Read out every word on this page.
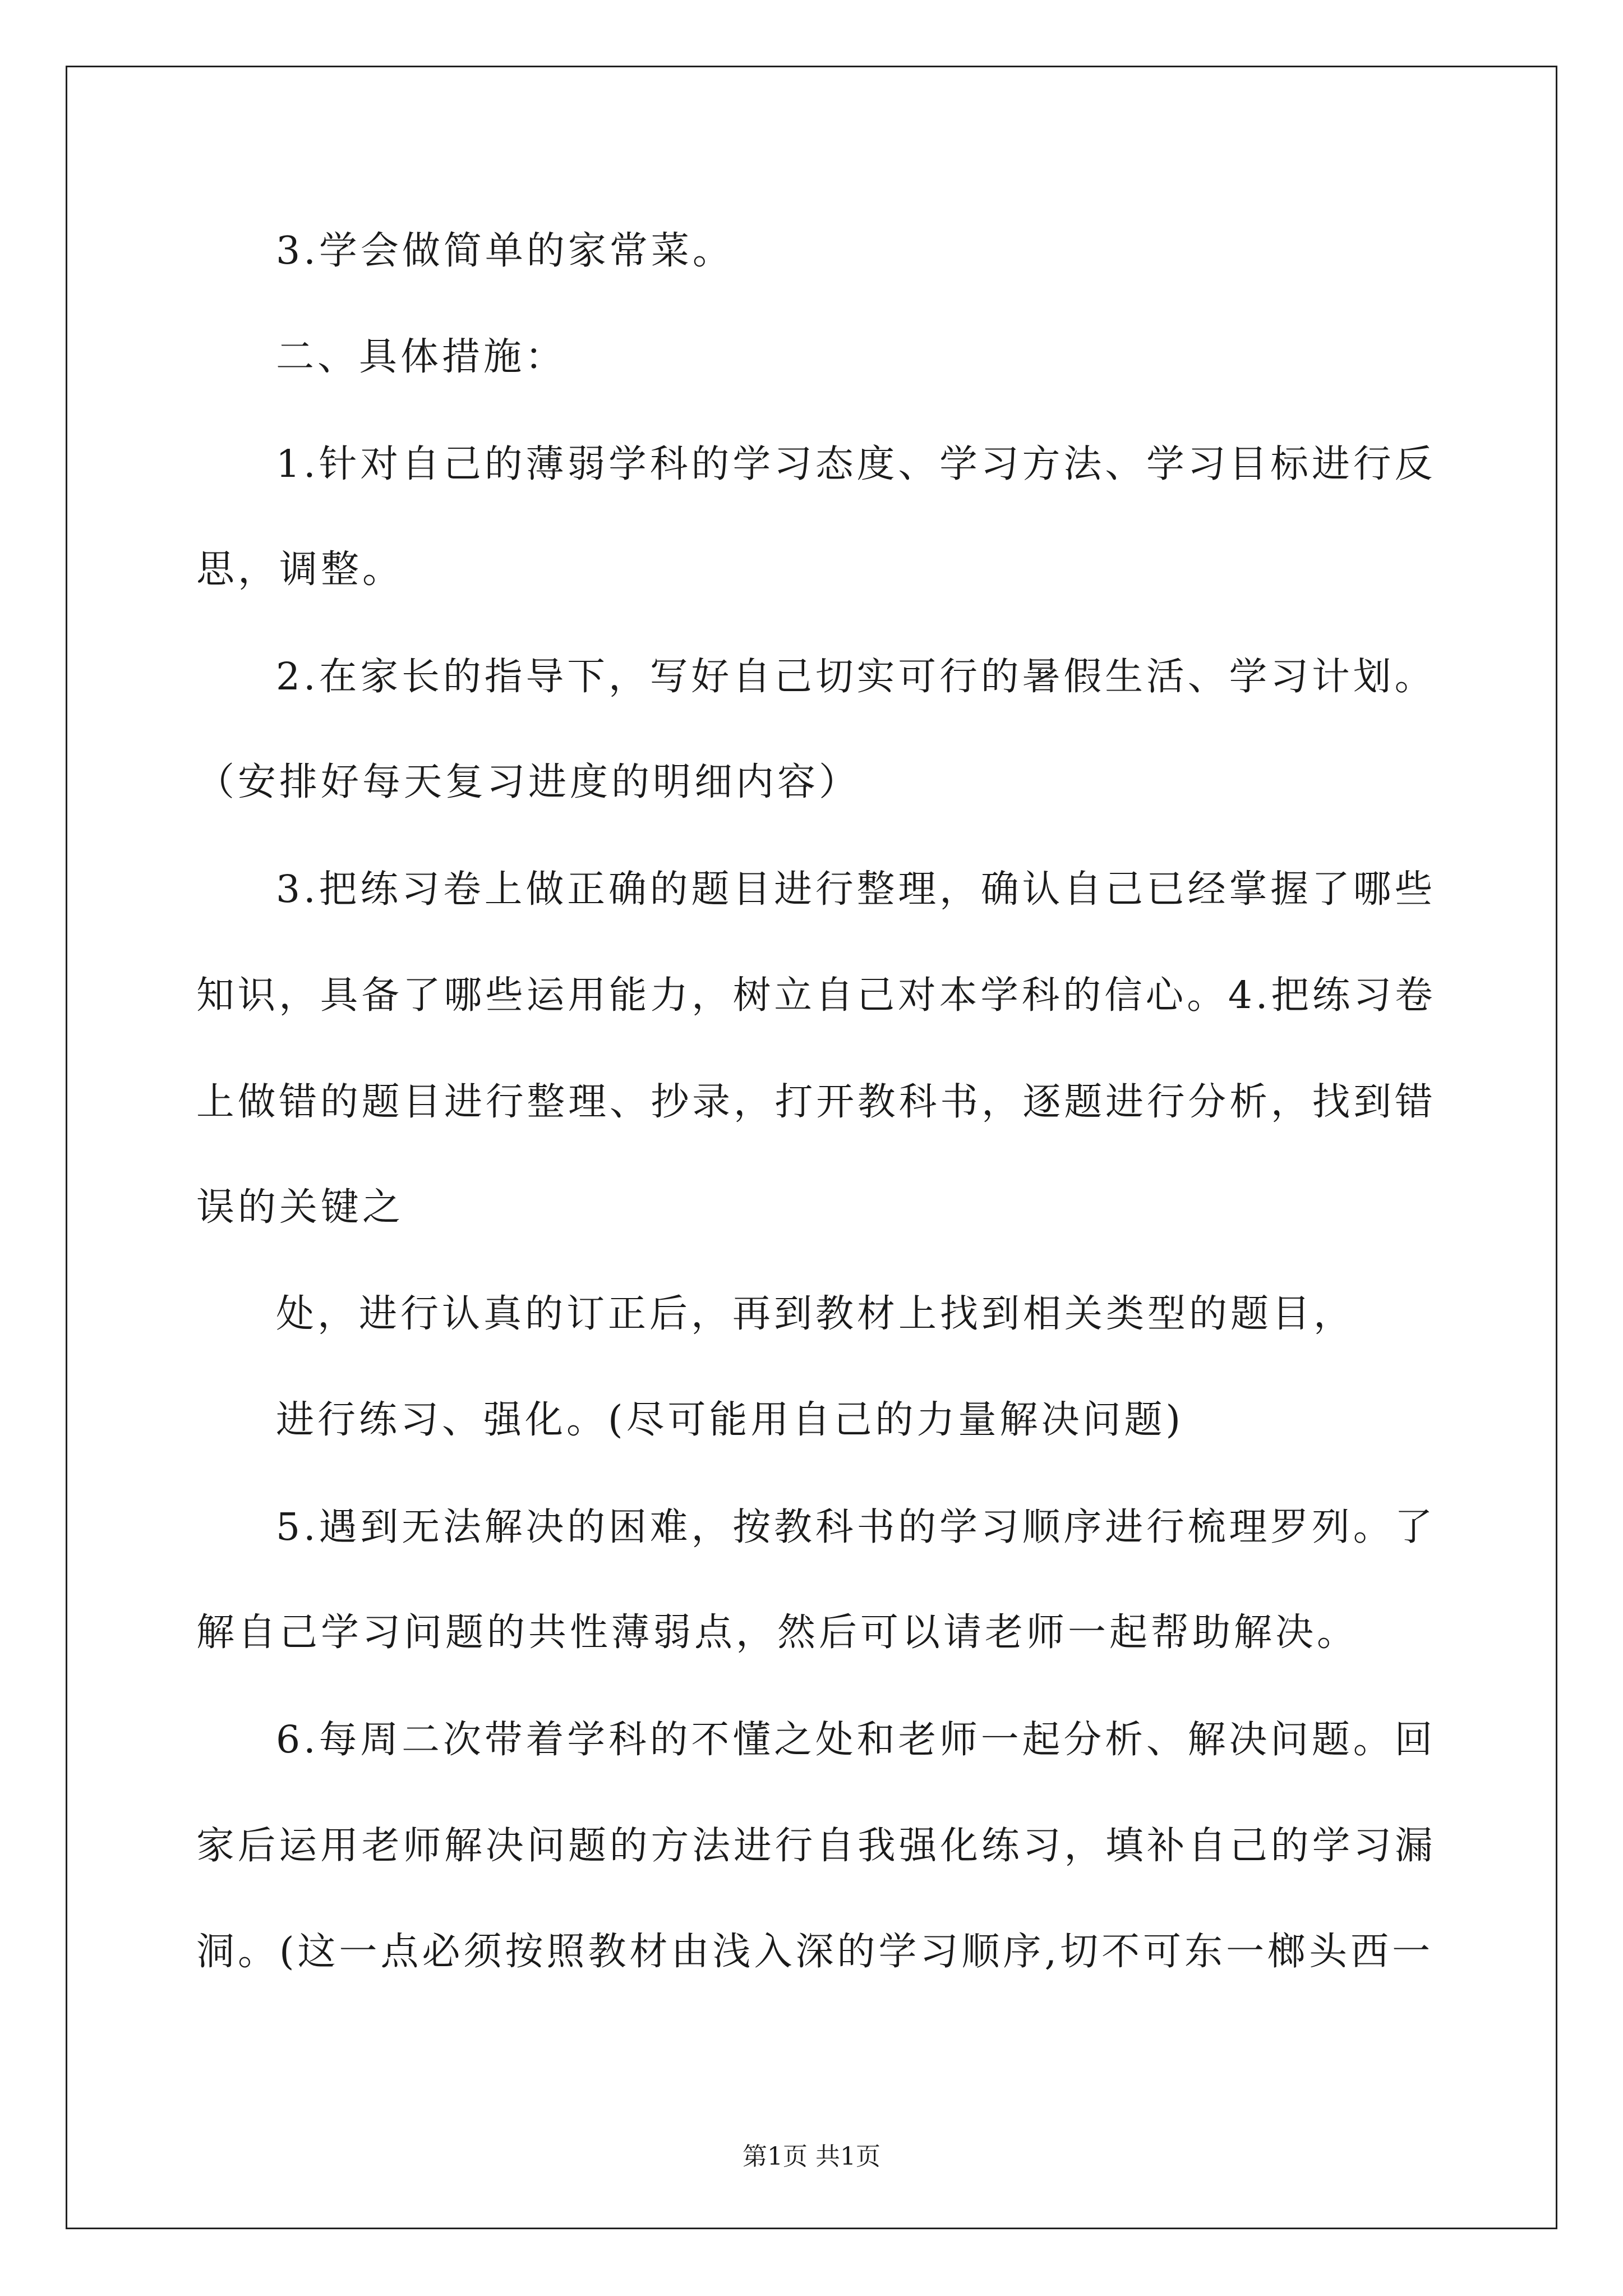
3.学会做简单的家常菜。

二、具体措施：

1.针对自己的薄弱学科的学习态度、学习方法、学习目标进行反

思，调整。

2.在家长的指导下，写好自己切实可行的暑假生活、学习计划。

（安排好每天复习进度的明细内容）

3.把练习卷上做正确的题目进行整理，确认自己已经掌握了哪些

知识，具备了哪些运用能力，树立自己对本学科的信心。4.把练习卷

上做错的题目进行整理、抄录，打开教科书，逐题进行分析，找到错

误的关键之

处，进行认真的订正后，再到教材上找到相关类型的题目，

进行练习、强化。(尽可能用自己的力量解决问题)

5.遇到无法解决的困难，按教科书的学习顺序进行梳理罗列。了

解自己学习问题的共性薄弱点，然后可以请老师一起帮助解决。

6.每周二次带着学科的不懂之处和老师一起分析、解决问题。回

家后运用老师解决问题的方法进行自我强化练习，填补自己的学习漏

洞。(这一点必须按照教材由浅入深的学习顺序,切不可东一榔头西一

第1页 共1页
